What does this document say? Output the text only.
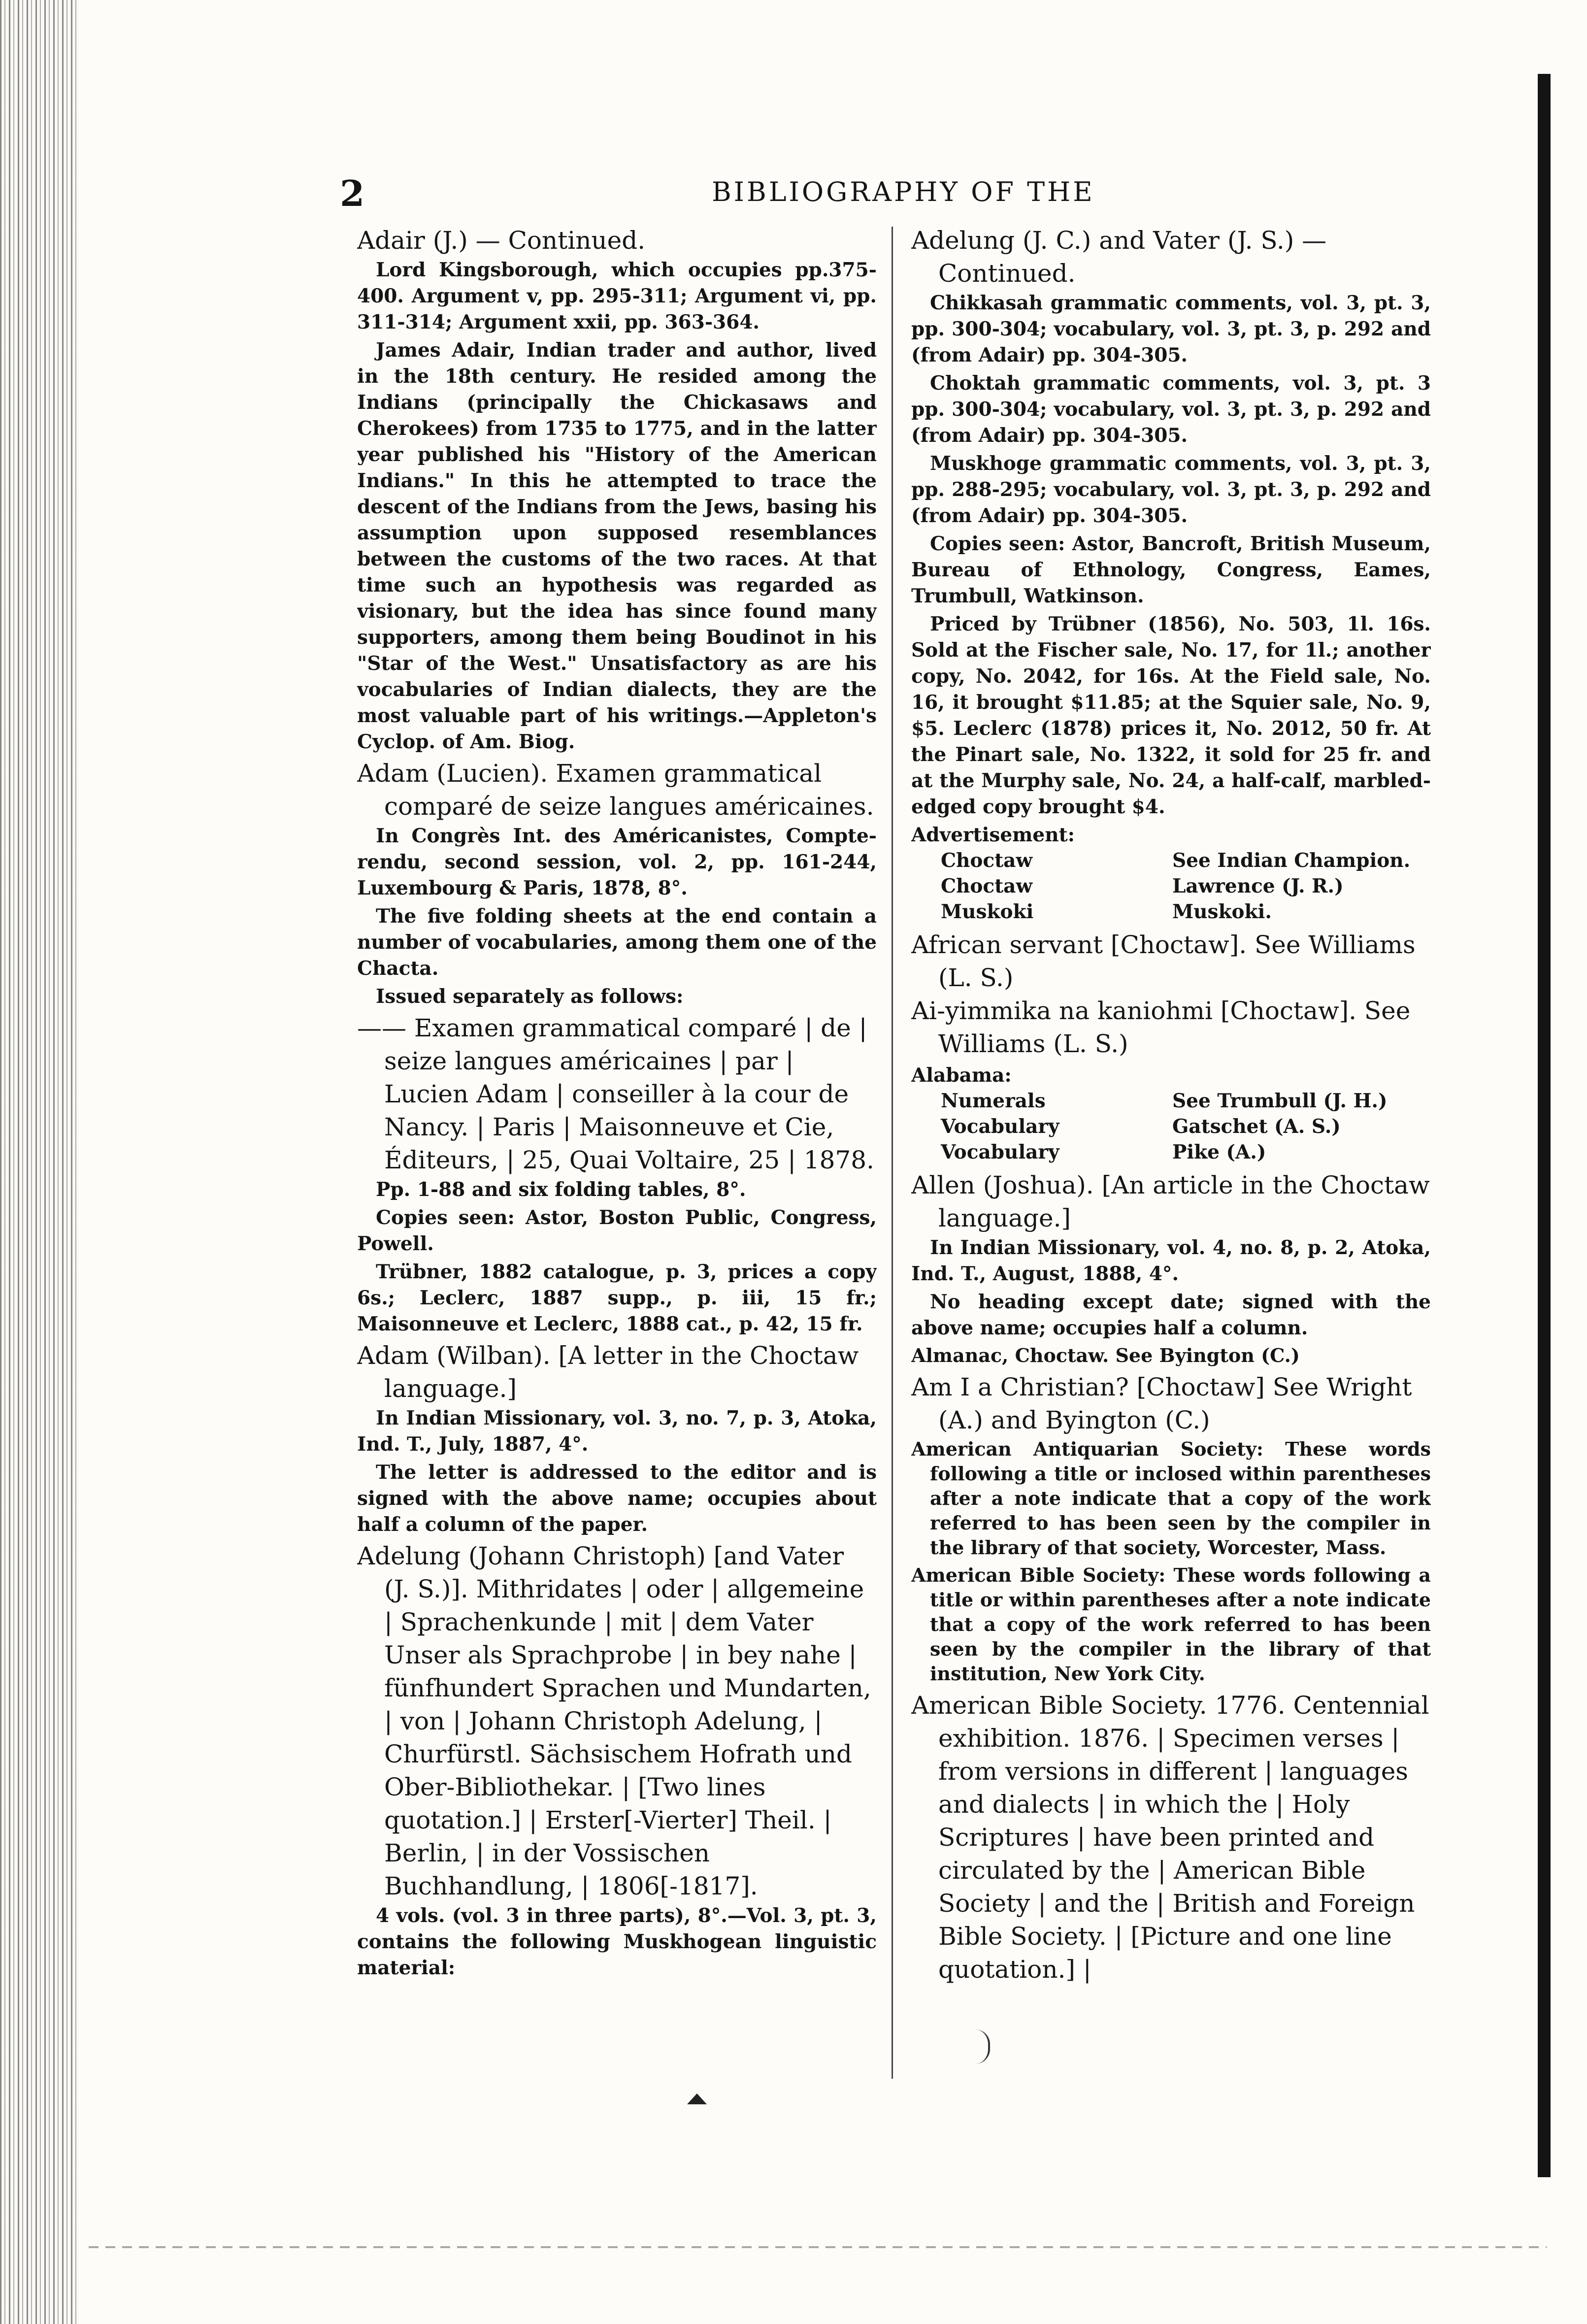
2	BIBLIOGRAPHY OF THE

Adair (J.) — Continued.

Lord Kingsborough, which occupies pp.375-400. Argument v, pp. 295-311; Argument vi, pp. 311-314; Argument xxii, pp. 363-364.

James Adair, Indian trader and author, lived in the 18th century. He resided among the Indians (principally the Chickasaws and Cherokees) from 1735 to 1775, and in the latter year published his "History of the American Indians." In this he attempted to trace the descent of the Indians from the Jews, basing his assumption upon supposed resemblances between the customs of the two races. At that time such an hypothesis was regarded as visionary, but the idea has since found many supporters, among them being Boudinot in his "Star of the West." Unsatisfactory as are his vocabularies of Indian dialects, they are the most valuable part of his writings.—Appleton's Cyclop. of Am. Biog.

Adam (Lucien). Examen grammatical comparé de seize langues américaines.

In Congrès Int. des Américanistes, Compte-rendu, second session, vol. 2, pp. 161-244, Luxembourg & Paris, 1878, 8°.

The five folding sheets at the end contain a number of vocabularies, among them one of the Chacta.

Issued separately as follows:

—— Examen grammatical comparé | de | seize langues américaines | par | Lucien Adam | conseiller à la cour de Nancy. | Paris | Maisonneuve et Cie, Éditeurs, | 25, Quai Voltaire, 25 | 1878.

Pp. 1-88 and six folding tables, 8°.

Copies seen: Astor, Boston Public, Congress, Powell.

Trübner, 1882 catalogue, p. 3, prices a copy 6s.; Leclerc, 1887 supp., p. iii, 15 fr.; Maisonneuve et Leclerc, 1888 cat., p. 42, 15 fr.

Adam (Wilban). [A letter in the Choctaw language.]

In Indian Missionary, vol. 3, no. 7, p. 3, Atoka, Ind. T., July, 1887, 4°.

The letter is addressed to the editor and is signed with the above name; occupies about half a column of the paper.

Adelung (Johann Christoph) [and Vater (J. S.)]. Mithridates | oder | allgemeine | Sprachenkunde | mit | dem Vater Unser als Sprachprobe | in bey nahe | fünfhundert Sprachen und Mundarten, | von | Johann Christoph Adelung, | Churfürstl. Sächsischem Hofrath und Ober-Bibliothekar. | [Two lines quotation.] | Erster[-Vierter] Theil. |

Berlin, | in der Vossischen Buchhandlung, | 1806[-1817].

4 vols. (vol. 3 in three parts), 8°.—Vol. 3, pt. 3, contains the following Muskhogean linguistic material:

Adelung (J. C.) and Vater (J. S.) — Continued.

Chikkasah grammatic comments, vol. 3, pt. 3, pp. 300-304; vocabulary, vol. 3, pt. 3, p. 292 and (from Adair) pp. 304-305.

Choktah grammatic comments, vol. 3, pt. 3 pp. 300-304; vocabulary, vol. 3, pt. 3, p. 292 and (from Adair) pp. 304-305.

Muskhoge grammatic comments, vol. 3, pt. 3, pp. 288-295; vocabulary, vol. 3, pt. 3, p. 292 and (from Adair) pp. 304-305.

Copies seen: Astor, Bancroft, British Museum, Bureau of Ethnology, Congress, Eames, Trumbull, Watkinson.

Priced by Trübner (1856), No. 503, 1l. 16s. Sold at the Fischer sale, No. 17, for 1l.; another copy, No. 2042, for 16s. At the Field sale, No. 16, it brought $11.85; at the Squier sale, No. 9, $5. Leclerc (1878) prices it, No. 2012, 50 fr. At the Pinart sale, No. 1322, it sold for 25 fr. and at the Murphy sale, No. 24, a half-calf, marbled-edged copy brought $4.

Advertisement:

Choctaw	See Indian Champion.
Choctaw	Lawrence (J. R.)
Muskoki	Muskoki.

African servant [Choctaw]. See Williams (L. S.)

Ai-yimmika na kaniohmi [Choctaw]. See Williams (L. S.)

Alabama:

Numerals	See Trumbull (J. H.)
Vocabulary	Gatschet (A. S.)
Vocabulary	Pike (A.)

Allen (Joshua). [An article in the Choctaw language.]

In Indian Missionary, vol. 4, no. 8, p. 2, Atoka, Ind. T., August, 1888, 4°.

No heading except date; signed with the above name; occupies half a column.

Almanac, Choctaw. See Byington (C.)

Am I a Christian? [Choctaw] See Wright (A.) and Byington (C.)

American Antiquarian Society: These words following a title or inclosed within parentheses after a note indicate that a copy of the work referred to has been seen by the compiler in the library of that society, Worcester, Mass.

American Bible Society: These words following a title or within parentheses after a note indicate that a copy of the work referred to has been seen by the compiler in the library of that institution, New York City.

American Bible Society. 1776. Centennial exhibition. 1876. | Specimen verses | from versions in different | languages and dialects | in which the | Holy Scriptures | have been printed and circulated by the | American Bible Society | and the | British and Foreign Bible Society. | [Picture and one line quotation.] |
